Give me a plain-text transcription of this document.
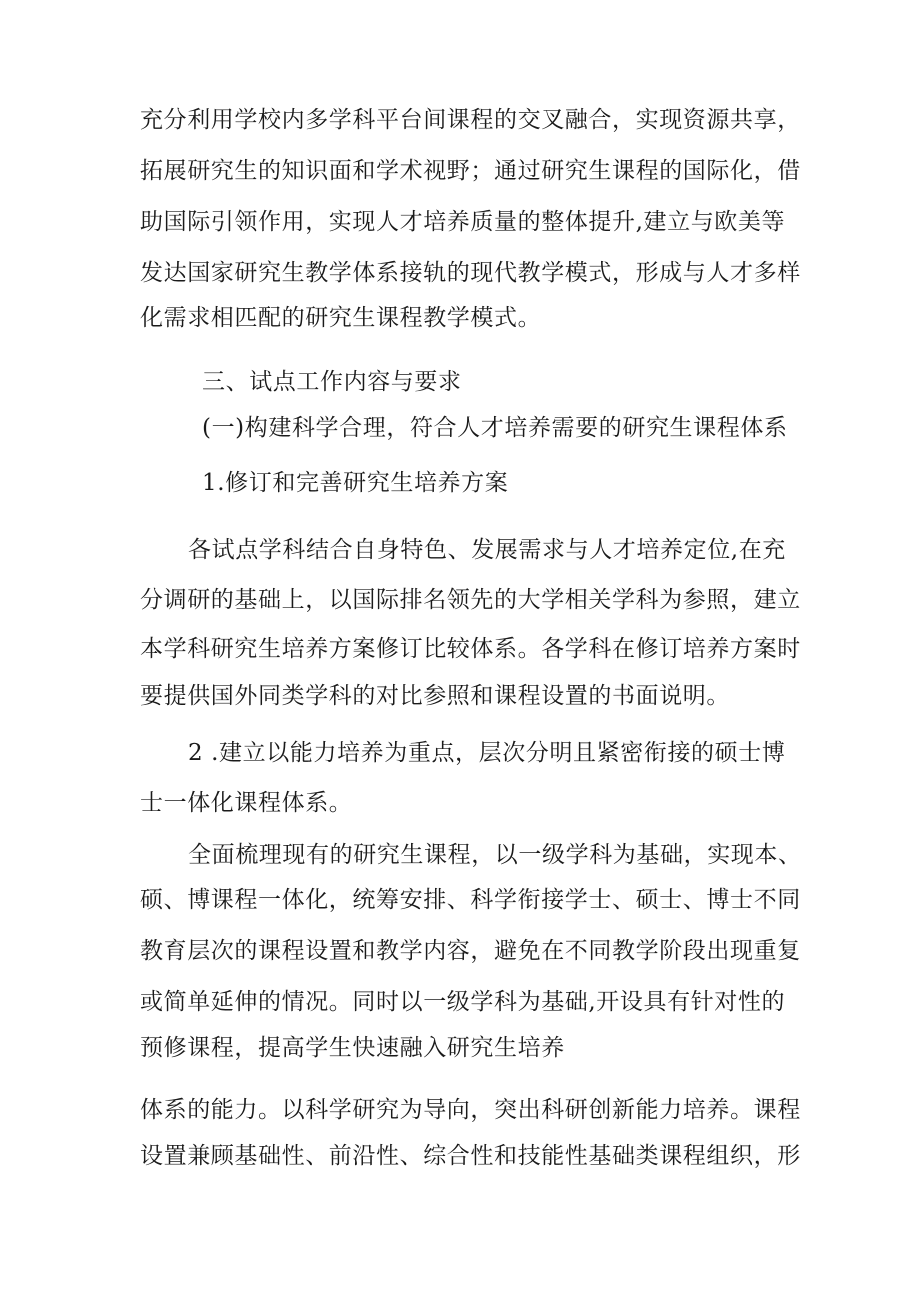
充分利用学校内多学科平台间课程的交叉融合，实现资源共享，
拓展研究生的知识面和学术视野；通过研究生课程的国际化，借
助国际引领作用，实现人才培养质量的整体提升,建立与欧美等
发达国家研究生教学体系接轨的现代教学模式，形成与人才多样
化需求相匹配的研究生课程教学模式。
三、试点工作内容与要求
(一)构建科学合理，符合人才培养需要的研究生课程体系
1.修订和完善研究生培养方案
各试点学科结合自身特色、发展需求与人才培养定位,在充
分调研的基础上，以国际排名领先的大学相关学科为参照，建立
本学科研究生培养方案修订比较体系。各学科在修订培养方案时
要提供国外同类学科的对比参照和课程设置的书面说明。
2 .建立以能力培养为重点，层次分明且紧密衔接的硕士博
士一体化课程体系。
全面梳理现有的研究生课程，以一级学科为基础，实现本、
硕、博课程一体化，统筹安排、科学衔接学士、硕士、博士不同
教育层次的课程设置和教学内容，避免在不同教学阶段出现重复
或简单延伸的情况。同时以一级学科为基础,开设具有针对性的
预修课程，提高学生快速融入研究生培养
体系的能力。以科学研究为导向，突出科研创新能力培养。课程
设置兼顾基础性、前沿性、综合性和技能性基础类课程组织，形
